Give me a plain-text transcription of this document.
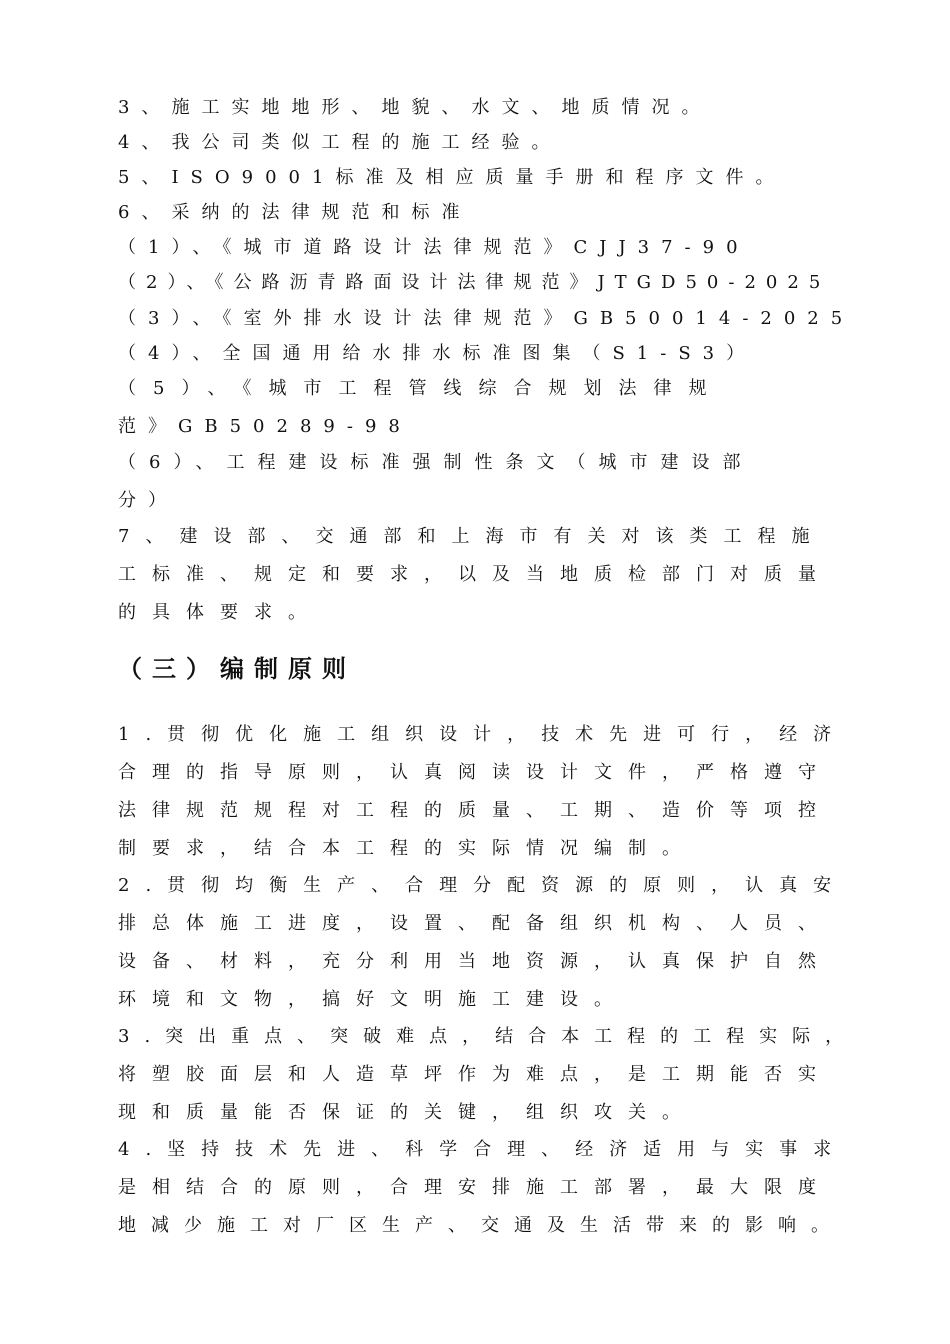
3、施工实地地形、地貌、水文、地质情况。
4、我公司类似工程的施工经验。
5、ISO9001标准及相应质量手册和程序文件。
6、采纳的法律规范和标准
（1）、《城市道路设计法律规范》CJJ37-90
（2）、《公路沥青路面设计法律规范》JTGD50-2025
（3）、《室外排水设计法律规范》GB50014-2025
（4）、全国通用给水排水标准图集（S1-S3）
（5）、《城市工程管线综合规划法律规
范》GB50289-98
（6）、工程建设标准强制性条文（城市建设部
分）
7、建设部、交通部和上海市有关对该类工程施
工标准、规定和要求，以及当地质检部门对质量
的具体要求。
（三）编制原则
1.贯彻优化施工组织设计，技术先进可行，经济
合理的指导原则，认真阅读设计文件，严格遵守
法律规范规程对工程的质量、工期、造价等项控
制要求，结合本工程的实际情况编制。
2.贯彻均衡生产、合理分配资源的原则，认真安
排总体施工进度，设置、配备组织机构、人员、
设备、材料，充分利用当地资源，认真保护自然
环境和文物，搞好文明施工建设。
3.突出重点、突破难点，结合本工程的工程实际，
将塑胶面层和人造草坪作为难点，是工期能否实
现和质量能否保证的关键，组织攻关。
4.坚持技术先进、科学合理、经济适用与实事求
是相结合的原则，合理安排施工部署，最大限度
地减少施工对厂区生产、交通及生活带来的影响。
